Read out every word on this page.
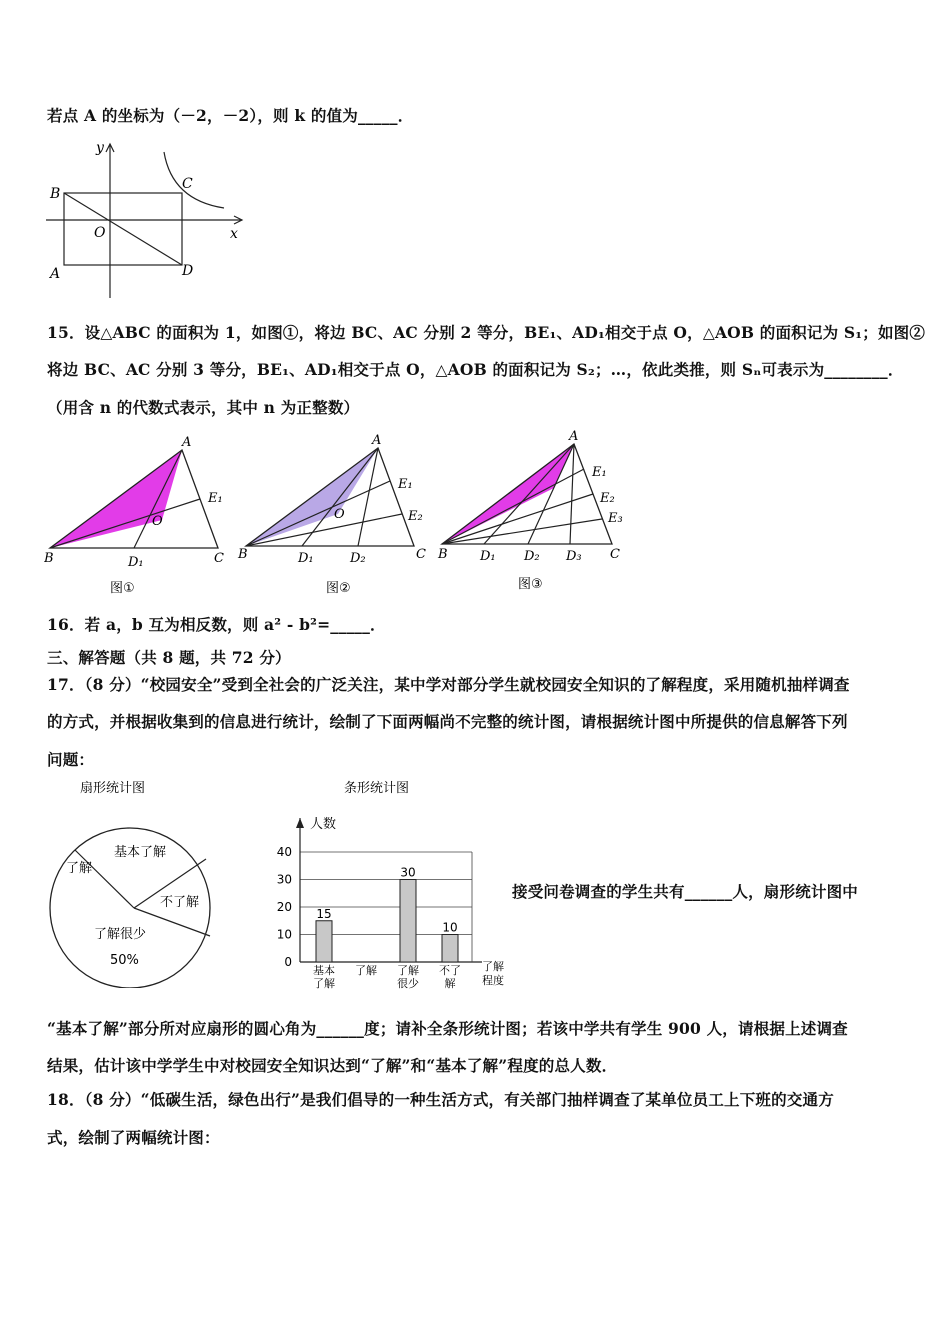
若点 A 的坐标为（－2，－2），则 k 的值为_____．
y
x
O
A
B
C
D
15．设△ABC 的面积为 1，如图①，将边 BC、AC 分别 2 等分，BE₁、AD₁相交于点 O，△AOB 的面积记为 S₁；如图②
将边 BC、AC 分别 3 等分，BE₁、AD₁相交于点 O，△AOB 的面积记为 S₂；…，依此类推，则 Sₙ可表示为________．
（用含 n 的代数式表示，其中 n 为正整数）
A
B	C
O
D₁
E₁
图①
A
B	C
O
D₁	D₂
E₁
E₂
图②
A
B	C
D₁ D₂ D₃
E₁
E₂
E₃
图③
16．若 a，b 互为相反数，则 a² - b²=_____．
三、解答题（共 8 题，共 72 分）
17．（8 分）“校园安全”受到全社会的广泛关注，某中学对部分学生就校园安全知识的了解程度，采用随机抽样调查
的方式，并根据收集到的信息进行统计，绘制了下面两幅尚不完整的统计图，请根据统计图中所提供的信息解答下列
问题：
扇形统计图
基本了解
了解
不了解
了解很少
50%
条形统计图
人数
了解
程度
0
10
20
30
40
15
基本
了解
了解
30
了解
很少
10
不了
解
接受问卷调查的学生共有______人，扇形统计图中
“基本了解”部分所对应扇形的圆心角为______度；请补全条形统计图；若该中学共有学生 900 人，请根据上述调查
结果，估计该中学学生中对校园安全知识达到“了解”和“基本了解”程度的总人数．
18．（8 分）“低碳生活，绿色出行”是我们倡导的一种生活方式，有关部门抽样调查了某单位员工上下班的交通方
式，绘制了两幅统计图：
